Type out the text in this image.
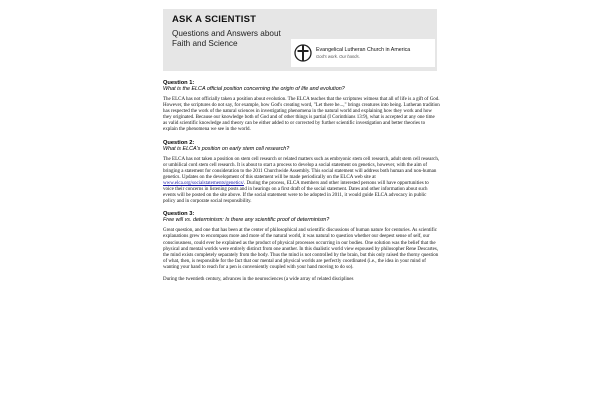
ASK A SCIENTIST
Questions and Answers about
Faith and Science
Evangelical Lutheran Church in America
God's work. Our hands.

Question 1:

What is the ELCA official position concerning the origin of life and evolution?

The ELCA has not officially taken a position about evolution. The ELCA teaches that the scriptures witness that all of life is a gift of God. However, the scriptures do not say, for example, how God's creating word, "Let there be...," brings creatures into being. Lutheran tradition has respected the work of the natural sciences in investigating phenomena in the natural world and explaining how they work and how they originated. Because our knowledge both of God and of other things is partial (I Corinthians 13:9), what is accepted at any one time as valid scientific knowledge and theory can be either added to or corrected by further scientific investigation and better theories to explain the phenomena we see in the world.

Question 2:

What is ELCA's position on early stem cell research?

The ELCA has not taken a position on stem cell research or related matters such as embryonic stem cell research, adult stem cell research, or umbilical cord stem cell research. It is about to start a process to develop a social statement on genetics, however, with the aim of bringing a statement for consideration to the 2011 Churchwide Assembly. This social statement will address both human and non-human genetics. Updates on the development of this statement will be made periodically on the ELCA web site at www.elca.org/socialstatements/genetics/. During the process, ELCA members and other interested persons will have opportunities to voice their concerns in listening posts and in hearings on a first draft of the social statement. Dates and other information about such events will be posted on the site above. If the social statement were to be adopted in 2011, it would guide ELCA advocacy in public policy and in corporate social responsibility.

Question 3:

Free will vs. determinism: Is there any scientific proof of determinism?

Great question, and one that has been at the center of philosophical and scientific discussions of human nature for centuries. As scientific explanations grew to encompass more and more of the natural world, it was natural to question whether our deepest sense of self, our consciousness, could ever be explained as the product of physical processes occurring in our bodies. One solution was the belief that the physical and mental worlds were entirely distinct from one another. In this dualistic world view espoused by philosopher Rene Descartes, the mind exists completely separately from the body. Thus the mind is not controlled by the brain, but this only raised the thorny question of what, then, is responsible for the fact that our mental and physical worlds are perfectly coordinated (i.e., the idea in your mind of wanting your hand to reach for a pen is conveniently coupled with your hand moving to do so).

During the twentieth century, advances in the neurosciences (a wide array of related disciplines
